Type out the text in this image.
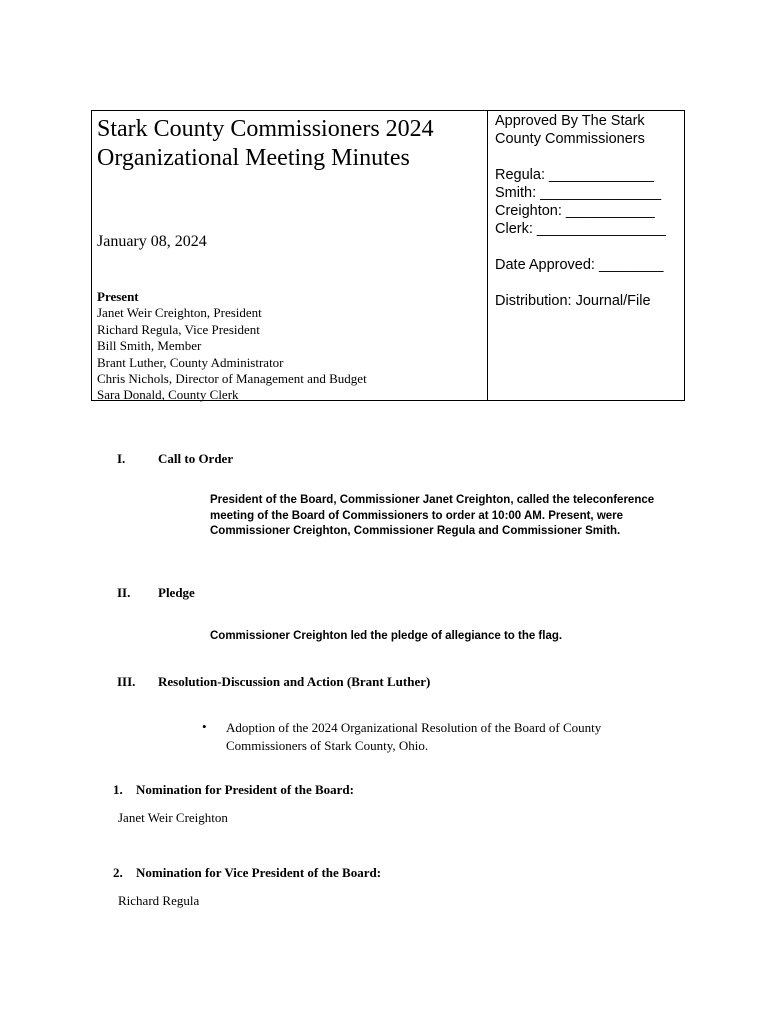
Stark County Commissioners 2024 Organizational Meeting Minutes
January 08, 2024
Present
Janet Weir Creighton, President
Richard Regula, Vice President
Bill Smith, Member
Brant Luther, County Administrator
Chris Nichols, Director of Management and Budget
Sara Donald, County Clerk
Approved By The Stark County Commissioners
Regula: _____________
Smith: _______________
Creighton: ___________
Clerk: ________________
Date Approved: ________
Distribution: Journal/File
I.	Call to Order
President of the Board, Commissioner Janet Creighton, called the teleconference meeting of the Board of Commissioners to order at 10:00 AM. Present, were Commissioner Creighton, Commissioner Regula and Commissioner Smith.
II. Pledge
Commissioner Creighton led the pledge of allegiance to the flag.
III. Resolution-Discussion and Action (Brant Luther)
• Adoption of the 2024 Organizational Resolution of the Board of County Commissioners of Stark County, Ohio.
1. Nomination for President of the Board:
Janet Weir Creighton
2. Nomination for Vice President of the Board:
Richard Regula
